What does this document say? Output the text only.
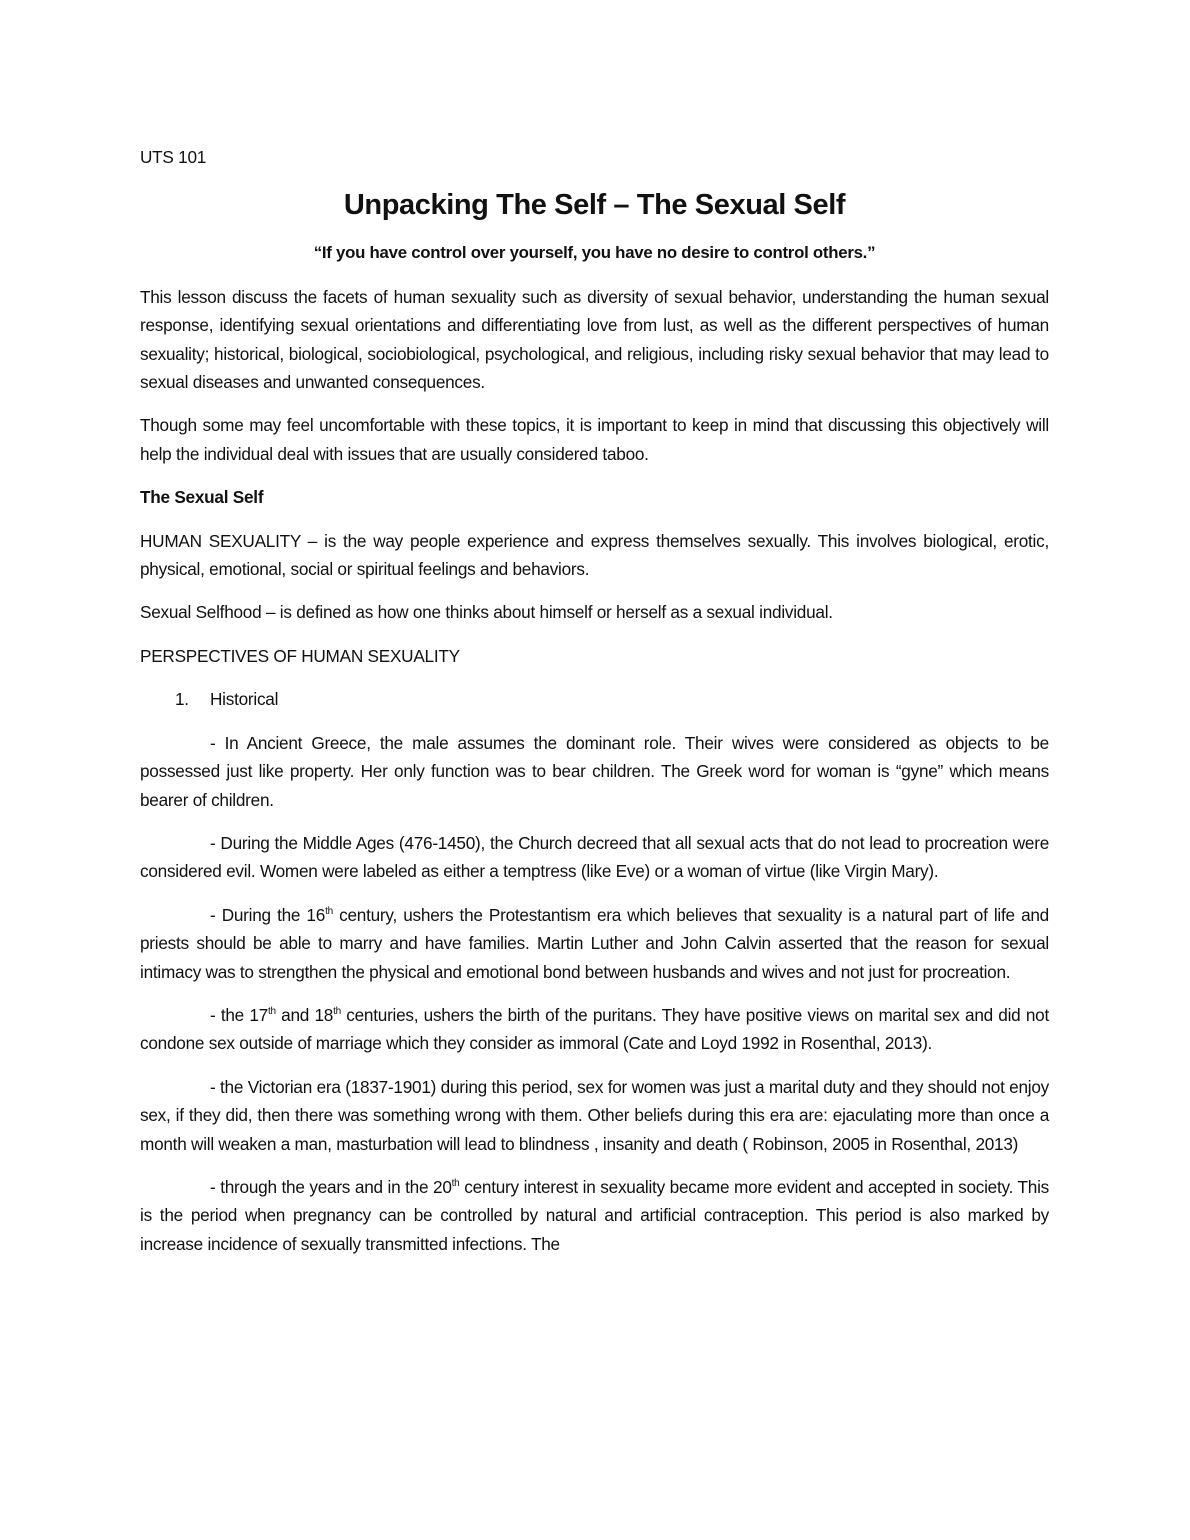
UTS 101
Unpacking The Self – The Sexual Self
“If you have control over yourself, you have no desire to control others.”

This lesson discuss the facets of human sexuality such as diversity of sexual behavior, understanding the human sexual response, identifying sexual orientations and differentiating love from lust, as well as the different perspectives of human sexuality; historical, biological, sociobiological, psychological, and religious, including risky sexual behavior that may lead to sexual diseases and unwanted consequences.

Though some may feel uncomfortable with these topics, it is important to keep in mind that discussing this objectively will help the individual deal with issues that are usually considered taboo.

The Sexual Self

HUMAN SEXUALITY – is the way people experience and express themselves sexually. This involves biological, erotic, physical, emotional, social or spiritual feelings and behaviors.

Sexual Selfhood – is defined as how one thinks about himself or herself as a sexual individual.

PERSPECTIVES OF HUMAN SEXUALITY
1. Historical

- In Ancient Greece, the male assumes the dominant role. Their wives were considered as objects to be possessed just like property. Her only function was to bear children. The Greek word for woman is “gyne” which means bearer of children.

- During the Middle Ages (476-1450), the Church decreed that all sexual acts that do not lead to procreation were considered evil. Women were labeled as either a temptress (like Eve) or a woman of virtue (like Virgin Mary).

- During the 16th century, ushers the Protestantism era which believes that sexuality is a natural part of life and priests should be able to marry and have families. Martin Luther and John Calvin asserted that the reason for sexual intimacy was to strengthen the physical and emotional bond between husbands and wives and not just for procreation.

- the 17th and 18th centuries, ushers the birth of the puritans. They have positive views on marital sex and did not condone sex outside of marriage which they consider as immoral (Cate and Loyd 1992 in Rosenthal, 2013).

- the Victorian era (1837-1901) during this period, sex for women was just a marital duty and they should not enjoy sex, if they did, then there was something wrong with them. Other beliefs during this era are: ejaculating more than once a month will weaken a man, masturbation will lead to blindness , insanity and death ( Robinson, 2005 in Rosenthal, 2013)

- through the years and in the 20th century interest in sexuality became more evident and accepted in society. This is the period when pregnancy can be controlled by natural and artificial contraception. This period is also marked by increase incidence of sexually transmitted infections. The
